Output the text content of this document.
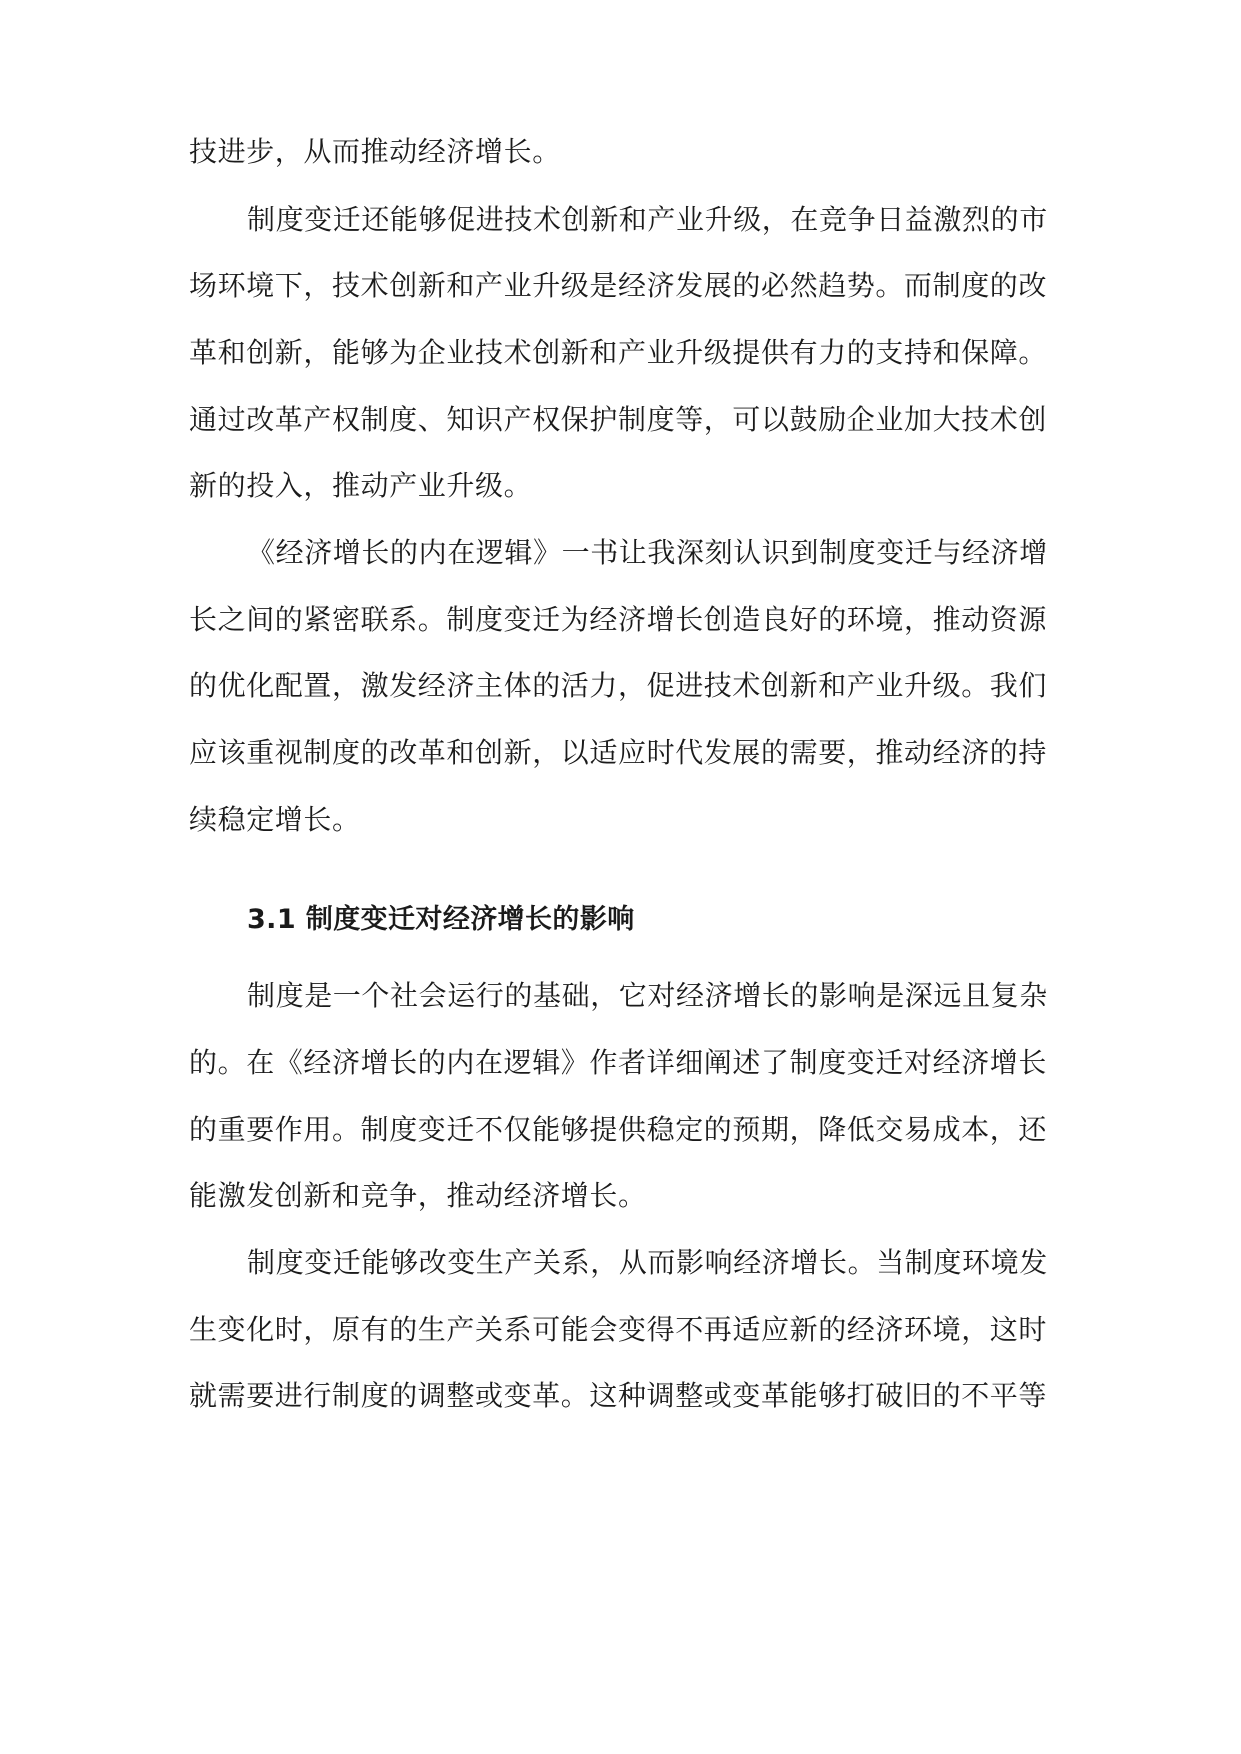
技进步，从而推动经济增长。
制度变迁还能够促进技术创新和产业升级，在竞争日益激烈的市
场环境下，技术创新和产业升级是经济发展的必然趋势。而制度的改
革和创新，能够为企业技术创新和产业升级提供有力的支持和保障。
通过改革产权制度、知识产权保护制度等，可以鼓励企业加大技术创
新的投入，推动产业升级。
《经济增长的内在逻辑》一书让我深刻认识到制度变迁与经济增
长之间的紧密联系。制度变迁为经济增长创造良好的环境，推动资源
的优化配置，激发经济主体的活力，促进技术创新和产业升级。我们
应该重视制度的改革和创新，以适应时代发展的需要，推动经济的持
续稳定增长。
3.1 制度变迁对经济增长的影响
制度是一个社会运行的基础，它对经济增长的影响是深远且复杂
的。在《经济增长的内在逻辑》作者详细阐述了制度变迁对经济增长
的重要作用。制度变迁不仅能够提供稳定的预期，降低交易成本，还
能激发创新和竞争，推动经济增长。
制度变迁能够改变生产关系，从而影响经济增长。当制度环境发
生变化时，原有的生产关系可能会变得不再适应新的经济环境，这时
就需要进行制度的调整或变革。这种调整或变革能够打破旧的不平等
